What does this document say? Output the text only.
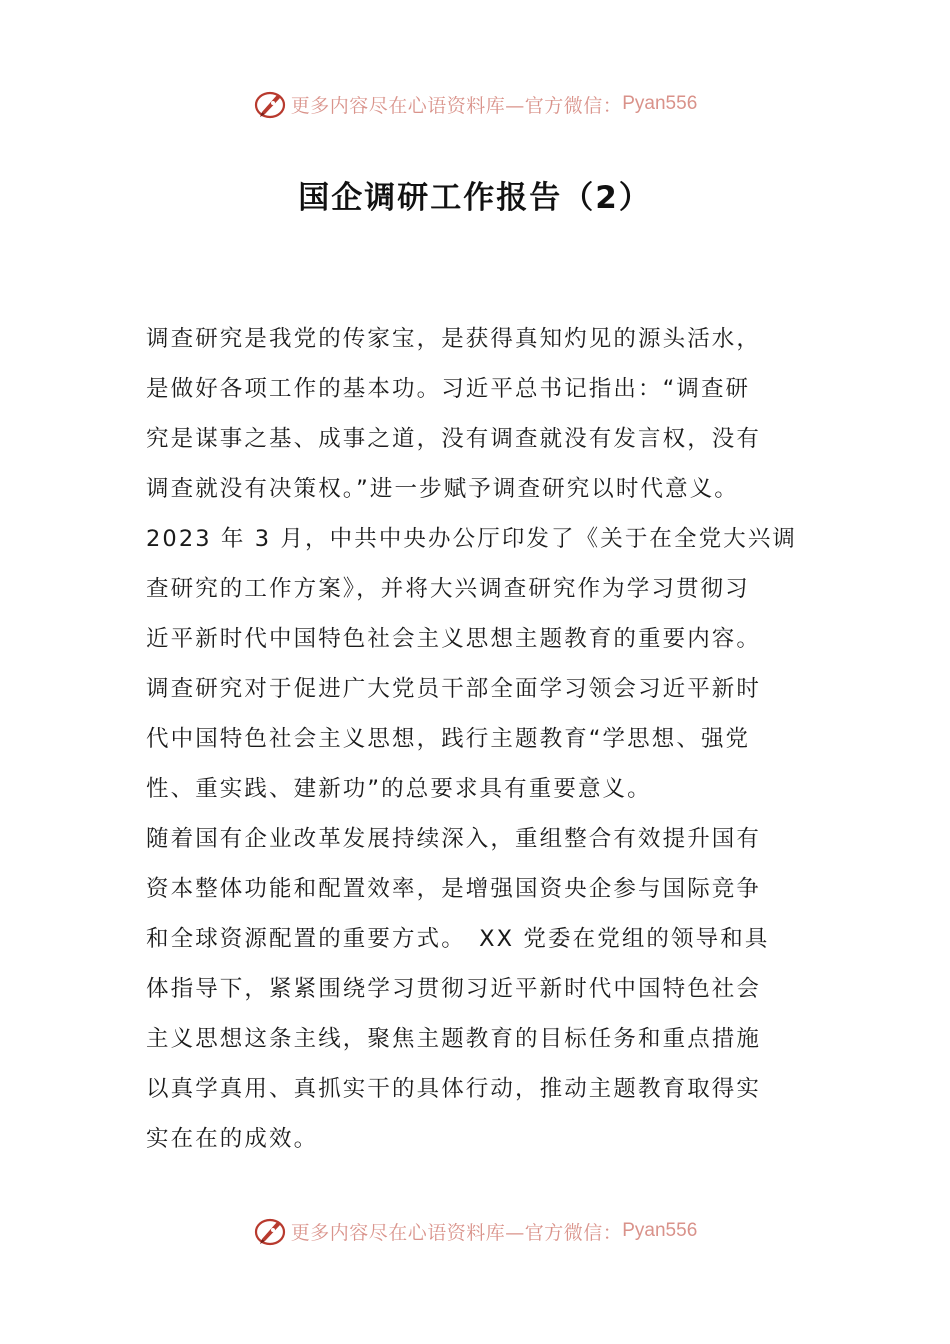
更多内容尽在心语资料库—官方微信： Pyan556
国企调研工作报告（2）

调查研究是我党的传家宝，是获得真知灼见的源头活水，
是做好各项工作的基本功。习近平总书记指出：“调查研
究是谋事之基、成事之道，没有调查就没有发言权，没有
调查就没有决策权。”进一步赋予调查研究以时代意义。
2023 年 3 月，中共中央办公厅印发了《关于在全党大兴调
查研究的工作方案》，并将大兴调查研究作为学习贯彻习
近平新时代中国特色社会主义思想主题教育的重要内容。
调查研究对于促进广大党员干部全面学习领会习近平新时
代中国特色社会主义思想，践行主题教育“学思想、强党
性、重实践、建新功”的总要求具有重要意义。

随着国有企业改革发展持续深入，重组整合有效提升国有
资本整体功能和配置效率，是增强国资央企参与国际竞争
和全球资源配置的重要方式。　XX 党委在党组的领导和具
体指导下，紧紧围绕学习贯彻习近平新时代中国特色社会
主义思想这条主线，聚焦主题教育的目标任务和重点措施
以真学真用、真抓实干的具体行动，推动主题教育取得实
实在在的成效。

更多内容尽在心语资料库—官方微信： Pyan556
